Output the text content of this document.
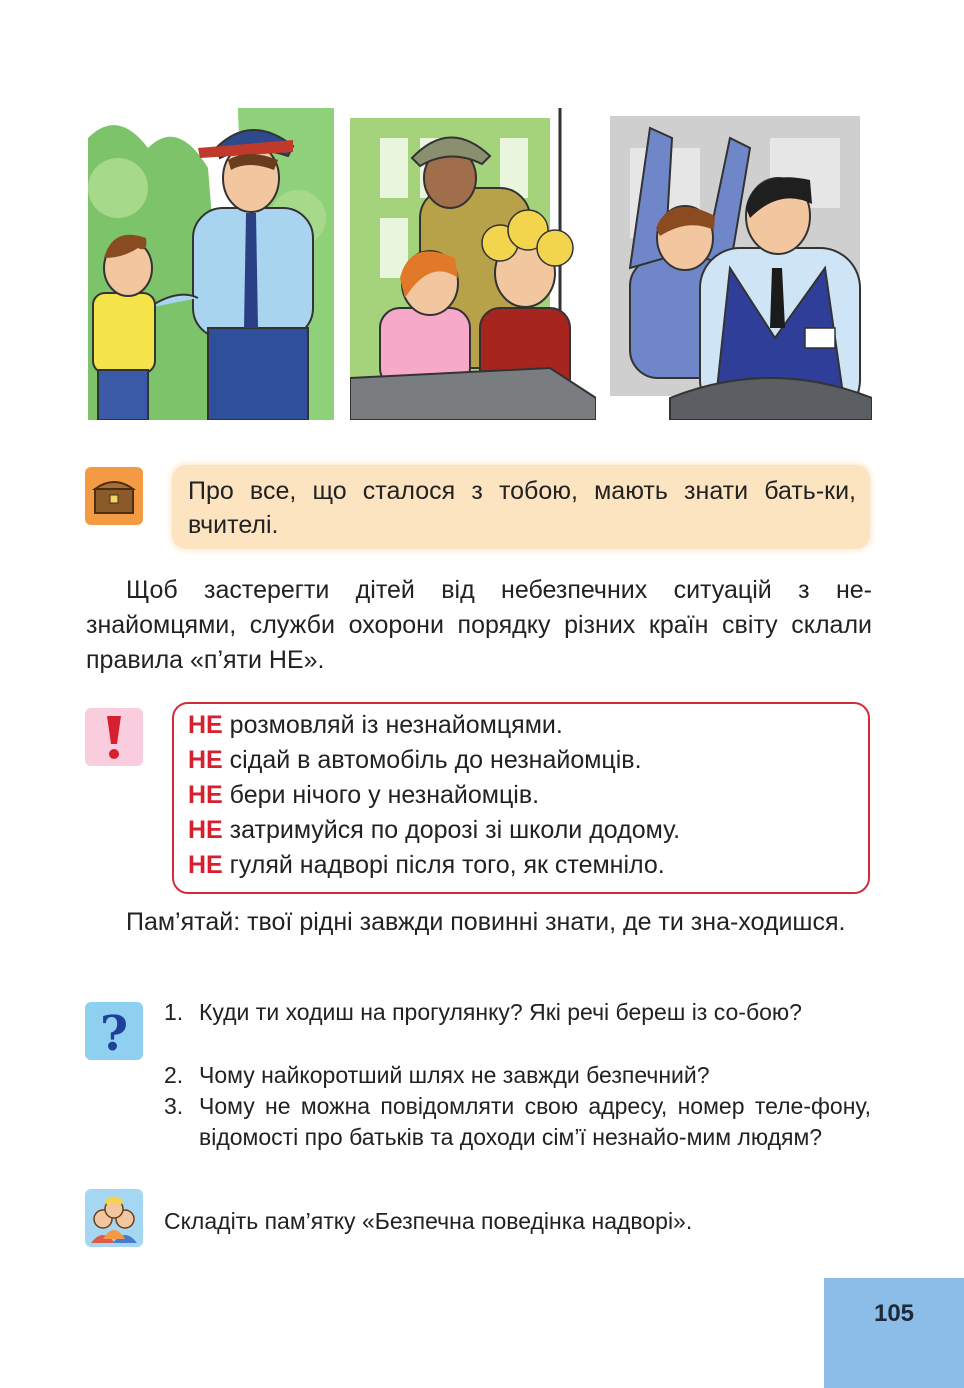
Про все, що сталося з тобою, мають знати бать-ки, вчителі.
Щоб застерегти дітей від небезпечних ситуацій з не-знайомцями, служби охорони порядку різних країн світу склали правила «п’яти НЕ».
НЕ розмовляй із незнайомцями.
НЕ сідай в автомобіль до незнайомців.
НЕ бери нічого у незнайомців.
НЕ затримуйся по дорозі зі школи додому.
НЕ гуляй надворі після того, як стемніло.
Пам’ятай: твої рідні завжди повинні знати, де ти зна-ходишся.
? 1. Куди ти ходиш на прогулянку? Які речі береш із со-бою?
2. Чому найкоротший шлях не завжди безпечний?
3. Чому не можна повідомляти свою адресу, номер теле-фону, відомості про батьків та доходи сім’ї незнайо-мим людям?
Складіть пам’ятку «Безпечна поведінка надворі».
105
